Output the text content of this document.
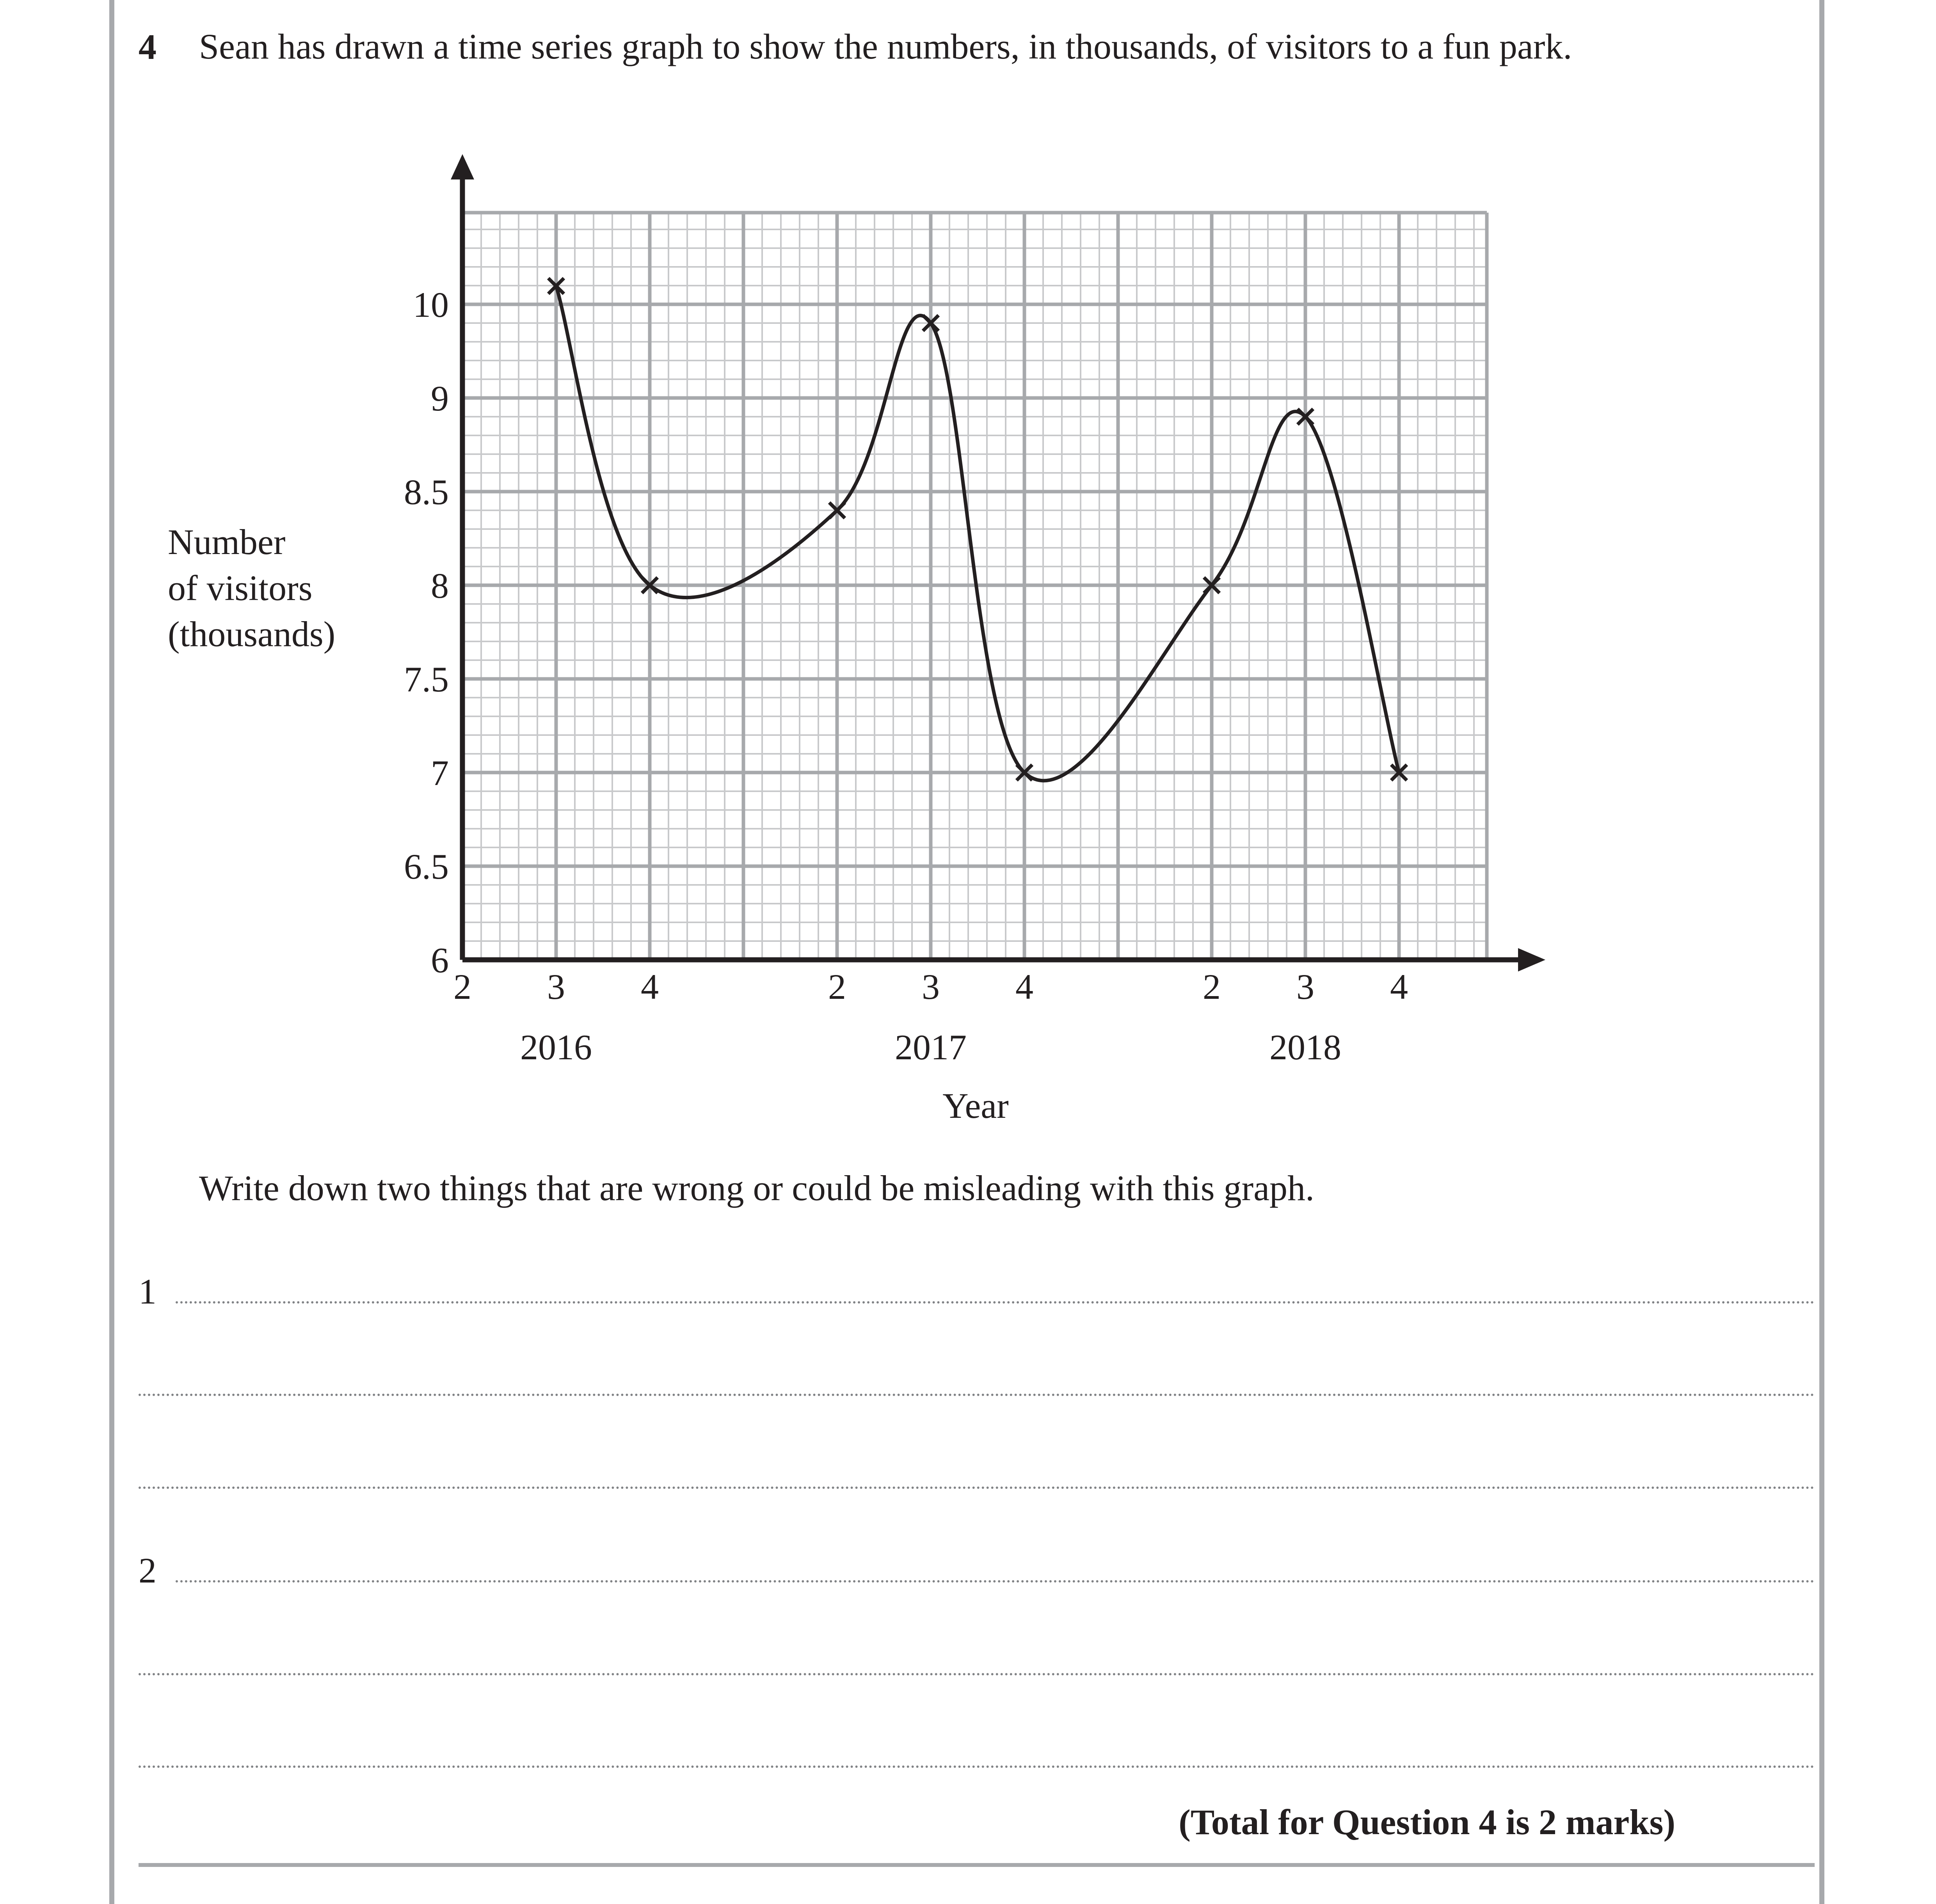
4 Sean has drawn a time series graph to show the numbers, in thousands, of visitors to a fun park.
6
6.5
7
7.5
8
8.5
9
10
2 3 4	2 3 4	2 3 4
2016	2017	2018
Number of visitors (thousands)
Year
Write down two things that are wrong or could be misleading with this graph.
1
2
(Total for Question 4 is 2 marks)
